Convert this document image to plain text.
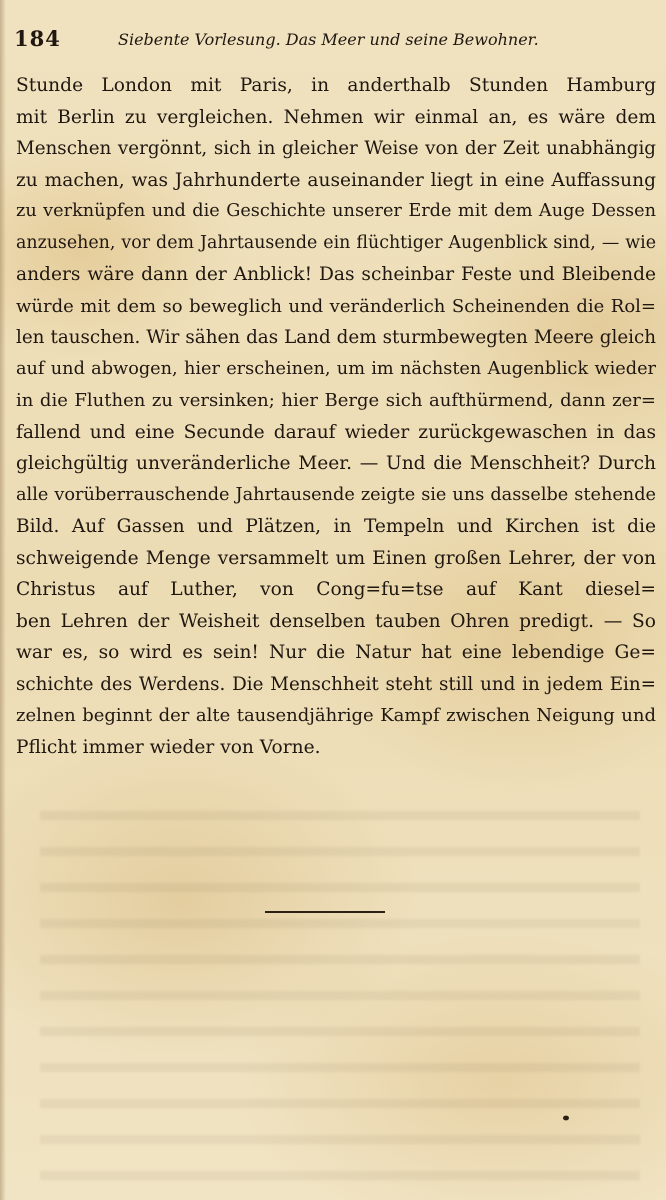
184	Siebente Vorlesung. Das Meer und seine Bewohner.
Stunde London mit Paris, in anderthalb Stunden Hamburg
mit Berlin zu vergleichen. Nehmen wir einmal an, es wäre dem
Menschen vergönnt, sich in gleicher Weise von der Zeit unabhängig
zu machen, was Jahrhunderte auseinander liegt in eine Auffassung
zu verknüpfen und die Geschichte unserer Erde mit dem Auge Dessen
anzusehen, vor dem Jahrtausende ein flüchtiger Augenblick sind, — wie
anders wäre dann der Anblick! Das scheinbar Feste und Bleibende
würde mit dem so beweglich und veränderlich Scheinenden die Rol=
len tauschen. Wir sähen das Land dem sturmbewegten Meere gleich
auf und abwogen, hier erscheinen, um im nächsten Augenblick wieder
in die Fluthen zu versinken; hier Berge sich aufthürmend, dann zer=
fallend und eine Secunde darauf wieder zurückgewaschen in das
gleichgültig unveränderliche Meer. — Und die Menschheit? Durch
alle vorüberrauschende Jahrtausende zeigte sie uns dasselbe stehende
Bild. Auf Gassen und Plätzen, in Tempeln und Kirchen ist die
schweigende Menge versammelt um Einen großen Lehrer, der von
Christus auf Luther, von Cong=fu=tse auf Kant diesel=
ben Lehren der Weisheit denselben tauben Ohren predigt. — So
war es, so wird es sein! Nur die Natur hat eine lebendige Ge=
schichte des Werdens. Die Menschheit steht still und in jedem Ein=
zelnen beginnt der alte tausendjährige Kampf zwischen Neigung und
Pflicht immer wieder von Vorne.
